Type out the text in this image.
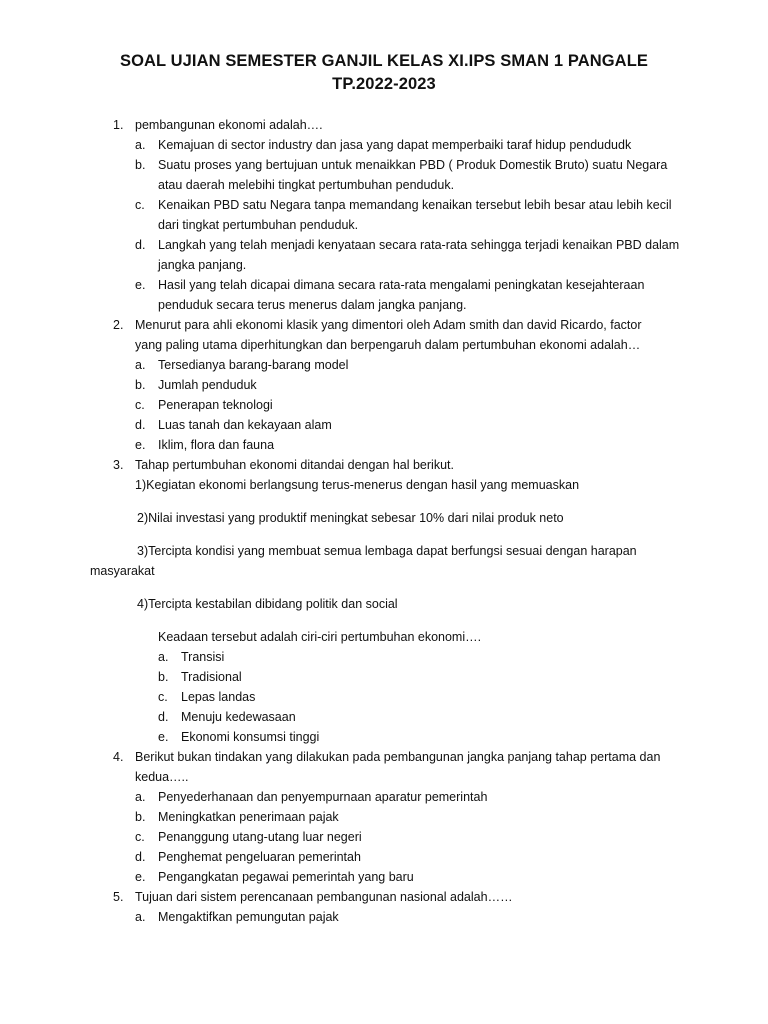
SOAL UJIAN SEMESTER GANJIL KELAS XI.IPS SMAN 1 PANGALE
TP.2022-2023
1. pembangunan ekonomi adalah….
a. Kemajuan di sector industry dan jasa yang dapat memperbaiki taraf hidup pendududk
b. Suatu proses yang bertujuan untuk menaikkan PBD ( Produk Domestik Bruto) suatu Negara
atau daerah melebihi tingkat pertumbuhan penduduk.
c. Kenaikan PBD satu Negara tanpa memandang kenaikan tersebut lebih besar atau lebih kecil
dari tingkat pertumbuhan penduduk.
d. Langkah yang telah menjadi kenyataan secara rata-rata sehingga terjadi kenaikan PBD dalam
jangka panjang.
e. Hasil yang telah dicapai dimana secara rata-rata mengalami peningkatan kesejahteraan
penduduk secara terus menerus dalam jangka panjang.
2. Menurut para ahli ekonomi klasik yang dimentori oleh Adam smith dan david Ricardo, factor
yang paling utama diperhitungkan dan berpengaruh dalam pertumbuhan ekonomi adalah…
a. Tersedianya barang-barang model
b. Jumlah penduduk
c. Penerapan teknologi
d. Luas tanah dan kekayaan alam
e. Iklim, flora dan fauna
3. Tahap pertumbuhan ekonomi ditandai dengan hal berikut.
1)Kegiatan ekonomi berlangsung terus-menerus dengan hasil yang memuaskan
2)Nilai investasi yang produktif meningkat sebesar 10% dari nilai produk neto
3)Tercipta kondisi yang membuat semua lembaga dapat berfungsi sesuai dengan harapan
masyarakat
4)Tercipta kestabilan dibidang politik dan social
Keadaan tersebut adalah ciri-ciri pertumbuhan ekonomi….
a. Transisi
b. Tradisional
c. Lepas landas
d. Menuju kedewasaan
e. Ekonomi konsumsi tinggi
4. Berikut bukan tindakan yang dilakukan pada pembangunan jangka panjang tahap pertama dan
kedua…..
a. Penyederhanaan dan penyempurnaan aparatur pemerintah
b. Meningkatkan penerimaan pajak
c. Penanggung utang-utang luar negeri
d. Penghemat pengeluaran pemerintah
e. Pengangkatan pegawai pemerintah yang baru
5. Tujuan dari sistem perencanaan pembangunan nasional adalah……
a. Mengaktifkan pemungutan pajak
